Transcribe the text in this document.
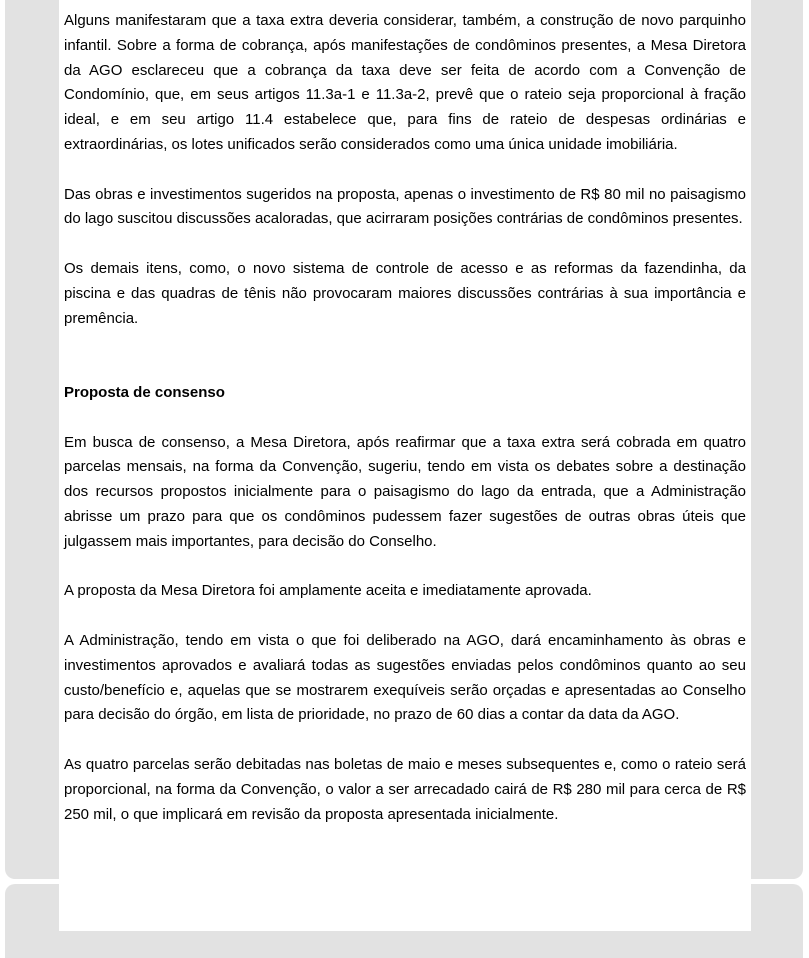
Alguns manifestaram que a taxa extra deveria considerar, também, a construção de novo parquinho infantil. Sobre a forma de cobrança, após manifestações de condôminos presentes, a Mesa Diretora da AGO esclareceu que a cobrança da taxa deve ser feita de acordo com a Convenção de Condomínio, que, em seus artigos 11.3a-1 e 11.3a-2, prevê que o rateio seja proporcional à fração ideal, e em seu artigo 11.4 estabelece que, para fins de rateio de despesas ordinárias e extraordinárias, os lotes unificados serão considerados como uma única unidade imobiliária.

Das obras e investimentos sugeridos na proposta, apenas o investimento de R$ 80 mil no paisagismo do lago suscitou discussões acaloradas, que acirraram posições contrárias de condôminos presentes.

Os demais itens, como, o novo sistema de controle de acesso e as reformas da fazendinha, da piscina e das quadras de tênis não provocaram maiores discussões contrárias à sua importância e premência.

Proposta de consenso

Em busca de consenso, a Mesa Diretora, após reafirmar que a taxa extra será cobrada em quatro parcelas mensais, na forma da Convenção, sugeriu, tendo em vista os debates sobre a destinação dos recursos propostos inicialmente para o paisagismo do lago da entrada, que a Administração abrisse um prazo para que os condôminos pudessem fazer sugestões de outras obras úteis que julgassem mais importantes, para decisão do Conselho.

A proposta da Mesa Diretora foi amplamente aceita e imediatamente aprovada.

A Administração, tendo em vista o que foi deliberado na AGO, dará encaminhamento às obras e investimentos aprovados e avaliará todas as sugestões enviadas pelos condôminos quanto ao seu custo/benefício e, aquelas que se mostrarem exequíveis serão orçadas e apresentadas ao Conselho para decisão do órgão, em lista de prioridade, no prazo de 60 dias a contar da data da AGO.

As quatro parcelas serão debitadas nas boletas de maio e meses subsequentes e, como o rateio será proporcional, na forma da Convenção, o valor a ser arrecadado cairá de R$ 280 mil para cerca de R$ 250 mil, o que implicará em revisão da proposta apresentada inicialmente.
